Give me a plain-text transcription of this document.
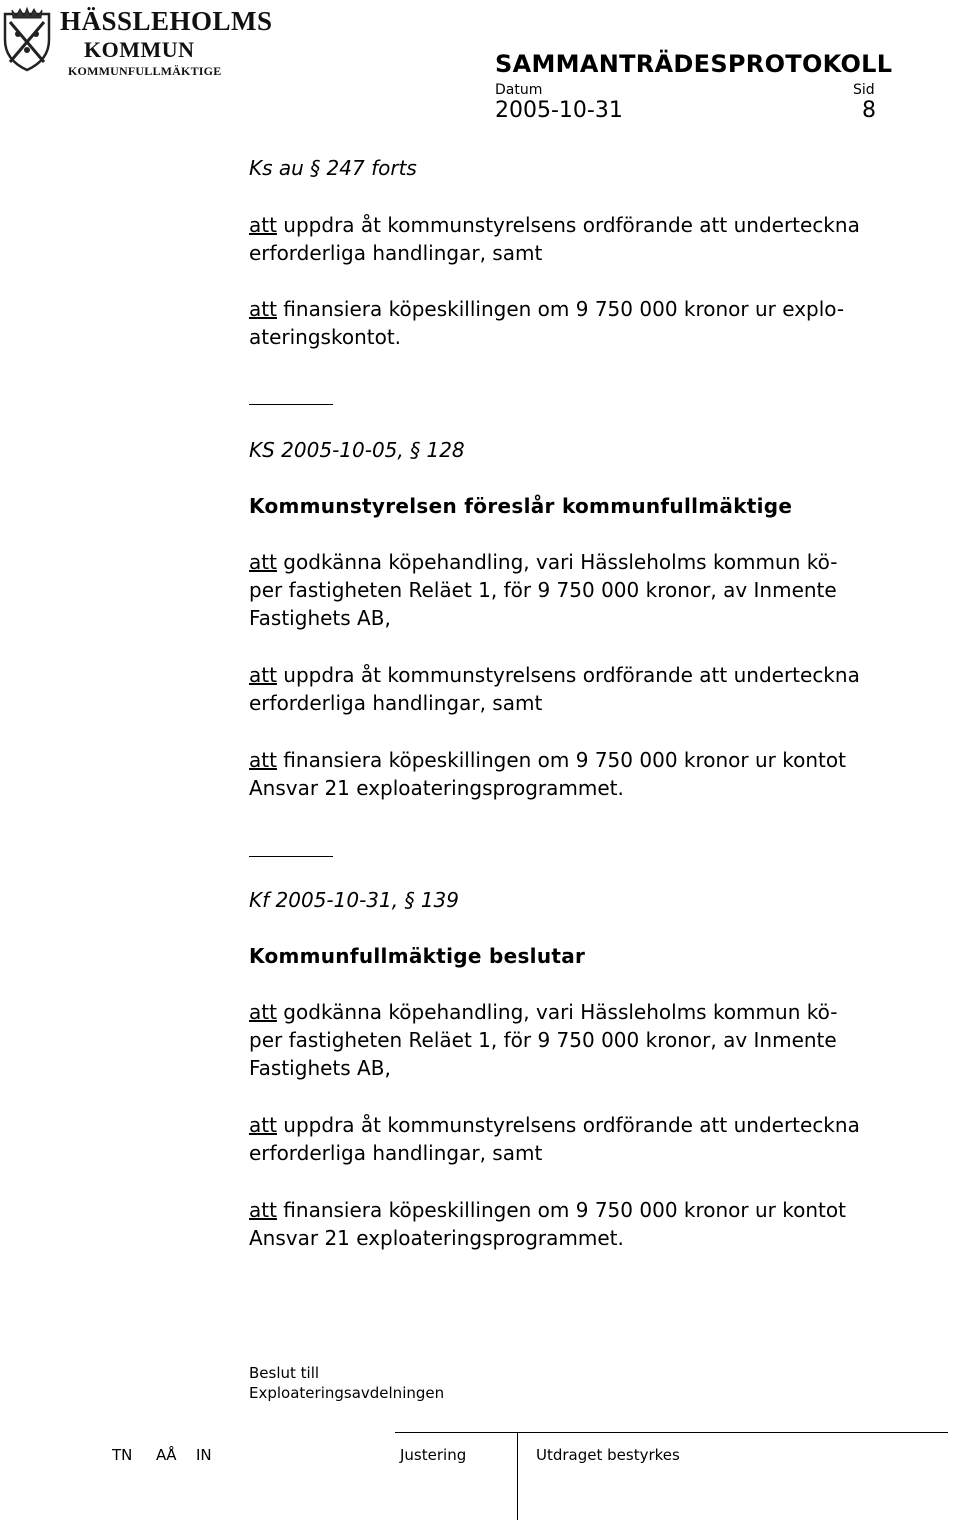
HÄSSLEHOLMS
KOMMUN
KOMMUNFULLMÄKTIGE	SAMMANTRÄDESPROTOKOLL
Datum	Sid
2005-10-31	8
Ks au § 247 forts
att uppdra åt kommunstyrelsens ordförande att underteckna
erforderliga handlingar, samt
att finansiera köpeskillingen om 9 750 000 kronor ur explo-
ateringskontot.
KS 2005-10-05, § 128
Kommunstyrelsen föreslår kommunfullmäktige
att godkänna köpehandling, vari Hässleholms kommun kö-
per fastigheten Reläet 1, för 9 750 000 kronor, av Inmente
Fastighets AB,
att uppdra åt kommunstyrelsens ordförande att underteckna
erforderliga handlingar, samt
att finansiera köpeskillingen om 9 750 000 kronor ur kontot
Ansvar 21 exploateringsprogrammet.
Kf 2005-10-31, § 139
Kommunfullmäktige beslutar
att godkänna köpehandling, vari Hässleholms kommun kö-
per fastigheten Reläet 1, för 9 750 000 kronor, av Inmente
Fastighets AB,
att uppdra åt kommunstyrelsens ordförande att underteckna
erforderliga handlingar, samt
att finansiera köpeskillingen om 9 750 000 kronor ur kontot
Ansvar 21 exploateringsprogrammet.
Beslut till
Exploateringsavdelningen
Justering
TN AÅ IN	Utdraget bestyrkes
